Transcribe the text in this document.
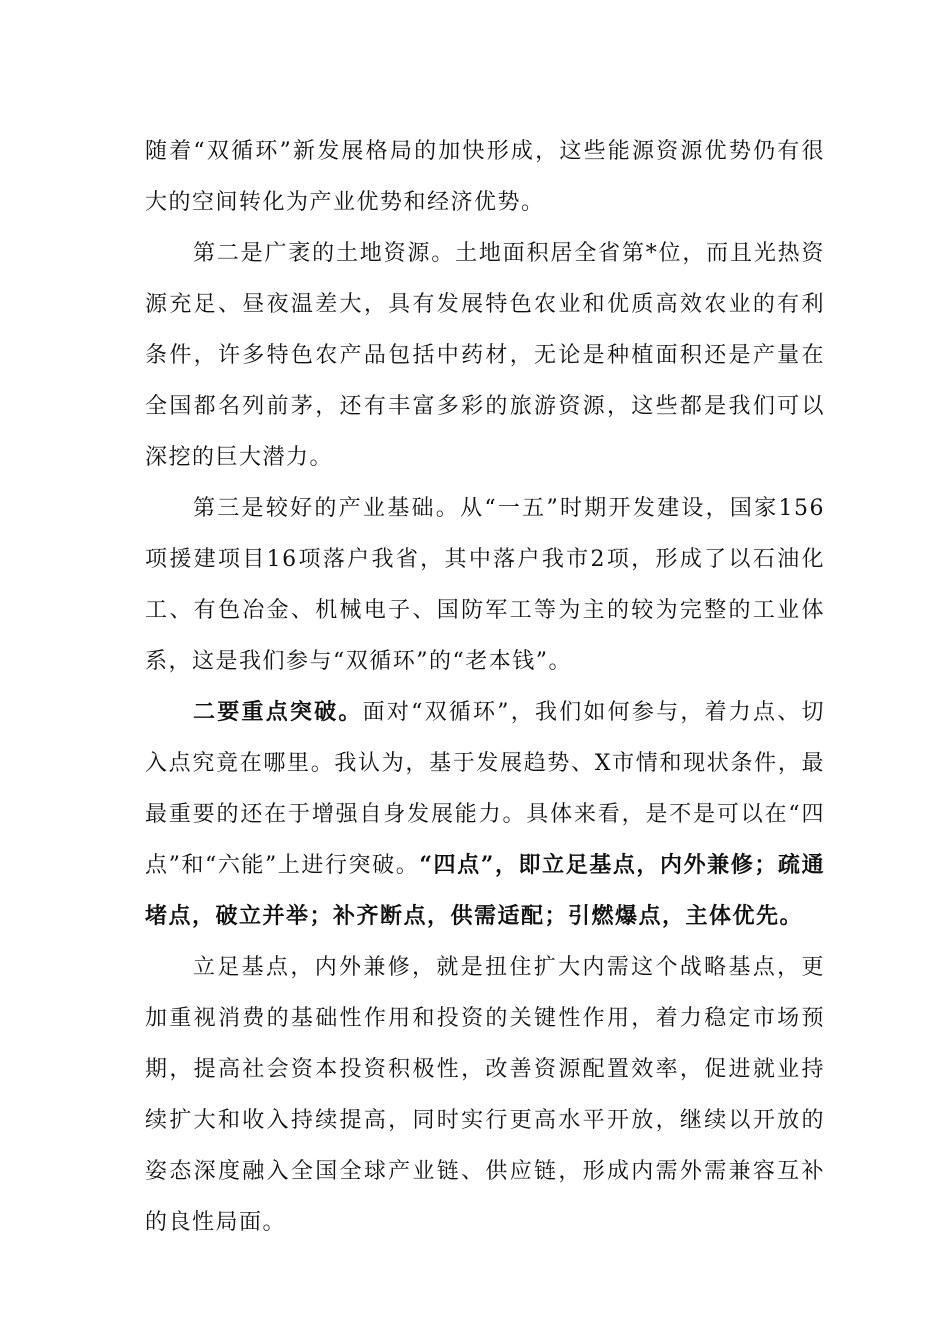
随着“双循环”新发展格局的加快形成，这些能源资源优势仍有很大的空间转化为产业优势和经济优势。

第二是广袤的土地资源。土地面积居全省第*位，而且光热资源充足、昼夜温差大，具有发展特色农业和优质高效农业的有利条件，许多特色农产品包括中药材，无论是种植面积还是产量在全国都名列前茅，还有丰富多彩的旅游资源，这些都是我们可以深挖的巨大潜力。

第三是较好的产业基础。从“一五”时期开发建设，国家156项援建项目16项落户我省，其中落户我市2项，形成了以石油化工、有色冶金、机械电子、国防军工等为主的较为完整的工业体系，这是我们参与“双循环”的“老本钱”。

二要重点突破。面对“双循环”，我们如何参与，着力点、切入点究竟在哪里。我认为，基于发展趋势、X市情和现状条件，最最重要的还在于增强自身发展能力。具体来看，是不是可以在“四点”和“六能”上进行突破。“四点”，即立足基点，内外兼修；疏通堵点，破立并举；补齐断点，供需适配；引燃爆点，主体优先。

立足基点，内外兼修，就是扭住扩大内需这个战略基点，更加重视消费的基础性作用和投资的关键性作用，着力稳定市场预期，提高社会资本投资积极性，改善资源配置效率，促进就业持续扩大和收入持续提高，同时实行更高水平开放，继续以开放的姿态深度融入全国全球产业链、供应链，形成内需外需兼容互补的良性局面。
